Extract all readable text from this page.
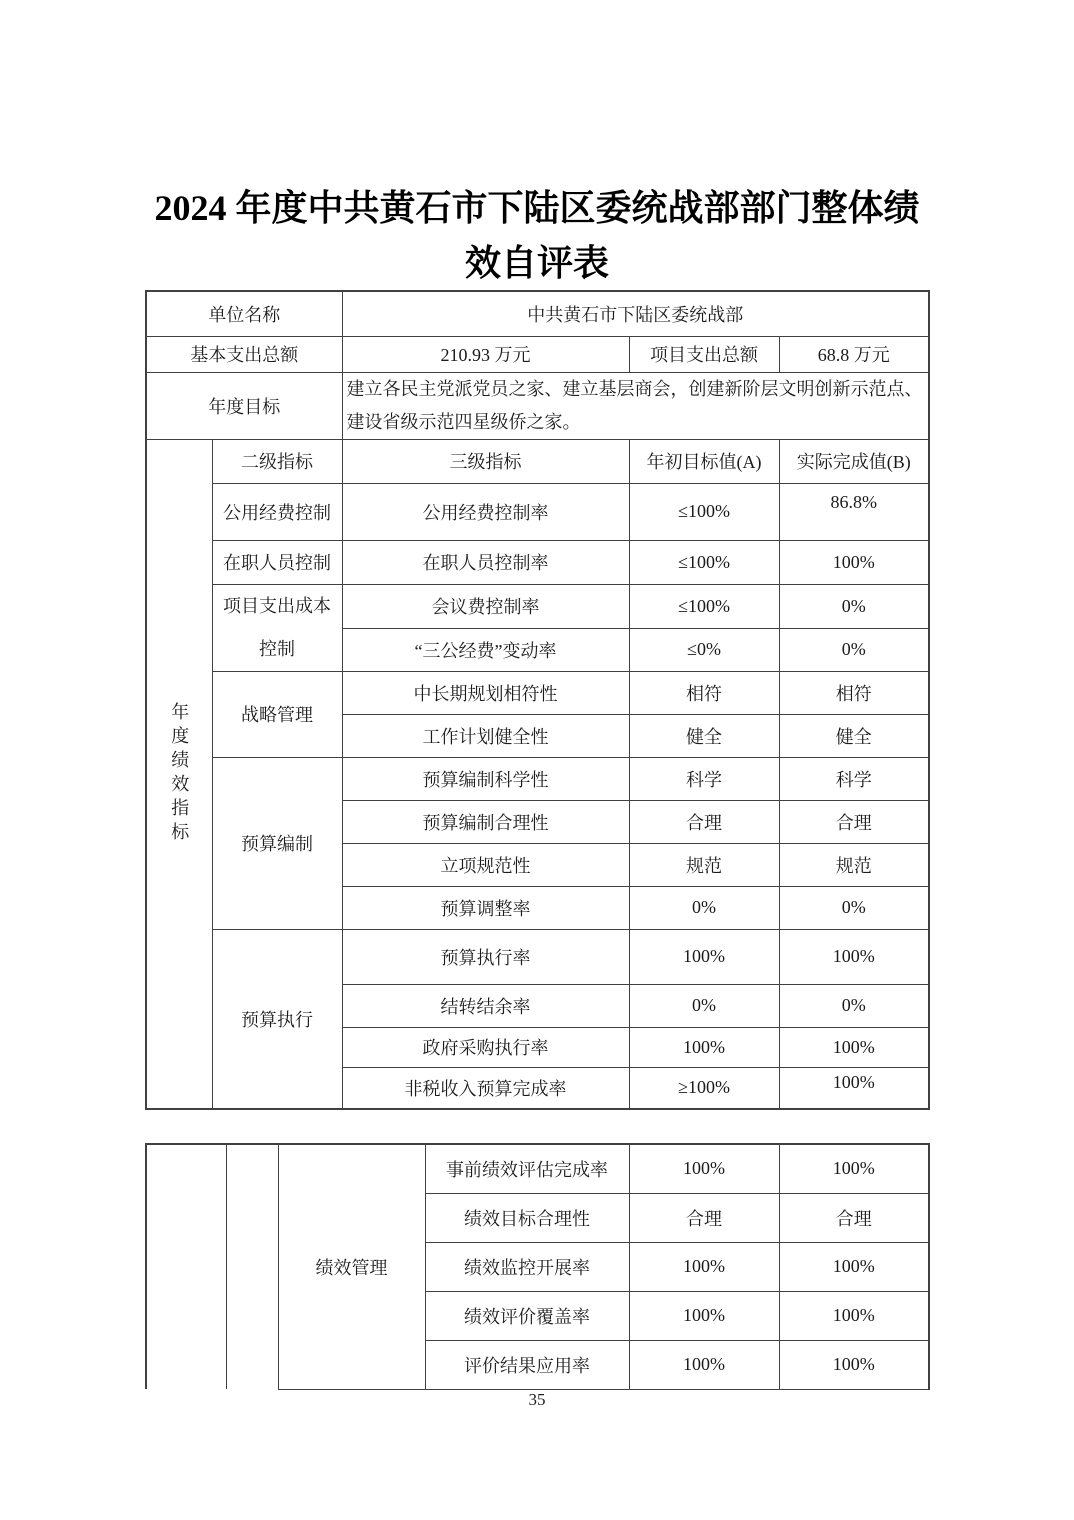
2024 年度中共黄石市下陆区委统战部部门整体绩
效自评表
单位名称		中共黄石市下陆区委统战部		
基本支出总额		210.93 万元	项目支出总额	68.8 万元
年度目标		建立各民主党派党员之家、建立基层商会，创建新阶层文明创新示范点、建设省级示范四星级侨之家。		

年度绩效指标	二级指标	三级指标	年初目标值(A)	实际完成值(B)
	公用经费控制	公用经费控制率	≤100%	86.8%
	在职人员控制	在职人员控制率	≤100%	100%
	项目支出成本控制	会议费控制率	≤100%	0%
		“三公经费”变动率	≤0%	0%
	战略管理	中长期规划相符性	相符	相符
		工作计划健全性	健全	健全
	预算编制	预算编制科学性	科学	科学
		预算编制合理性	合理	合理
		立项规范性	规范	规范
		预算调整率	0%	0%
	预算执行	预算执行率	100%	100%
		结转结余率	0%	0%
		政府采购执行率	100%	100%
		非税收入预算完成率	≥100%	100%
		绩效管理	事前绩效评估完成率	100%	100%
			绩效目标合理性	合理	合理
			绩效监控开展率	100%	100%
			绩效评价覆盖率	100%	100%
			评价结果应用率	100%	100%
35
